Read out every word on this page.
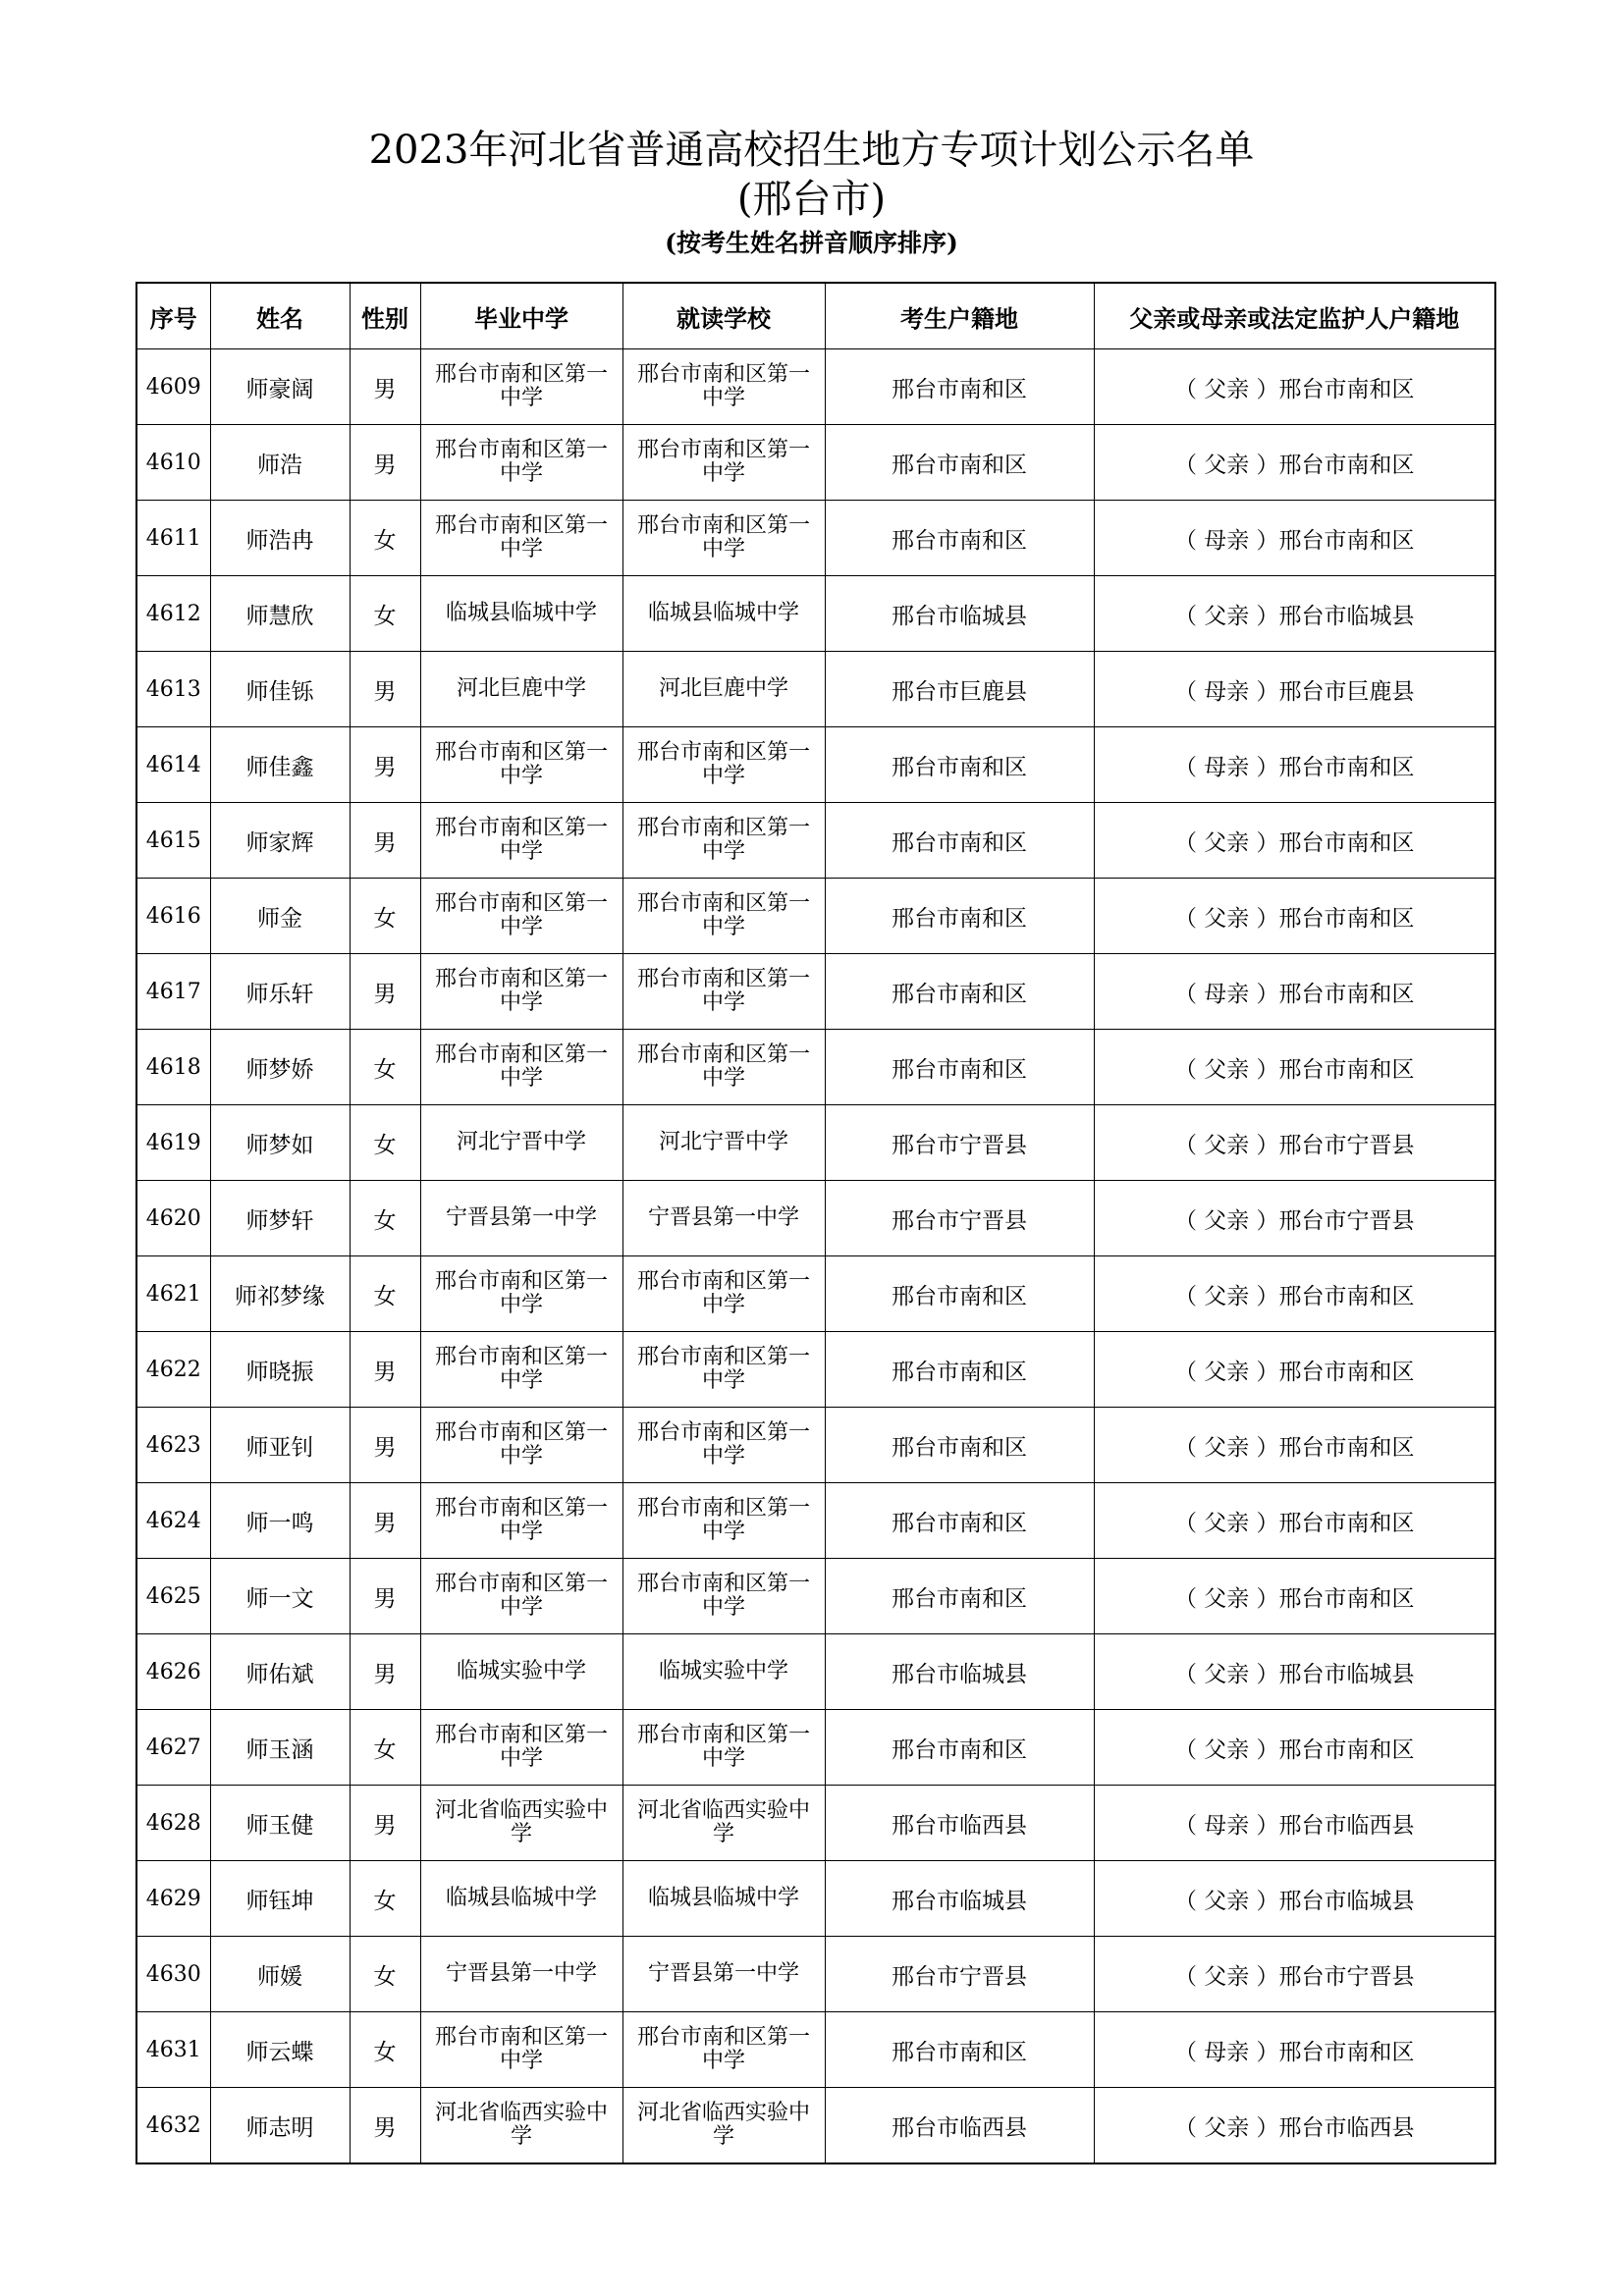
2023年河北省普通高校招生地方专项计划公示名单
(邢台市)
(按考生姓名拼音顺序排序)
序号	姓名	性别	毕业中学	就读学校	考生户籍地	父亲或母亲或法定监护人户籍地
4609	师豪阔	男	邢台市南和区第一中学	邢台市南和区第一中学	邢台市南和区	（ 父亲 ）邢台市南和区
4610	师浩	男	邢台市南和区第一中学	邢台市南和区第一中学	邢台市南和区	（ 父亲 ）邢台市南和区
4611	师浩冉	女	邢台市南和区第一中学	邢台市南和区第一中学	邢台市南和区	（ 母亲 ）邢台市南和区
4612	师慧欣	女	临城县临城中学	临城县临城中学	邢台市临城县	（ 父亲 ）邢台市临城县
4613	师佳铄	男	河北巨鹿中学	河北巨鹿中学	邢台市巨鹿县	（ 母亲 ）邢台市巨鹿县
4614	师佳鑫	男	邢台市南和区第一中学	邢台市南和区第一中学	邢台市南和区	（ 母亲 ）邢台市南和区
4615	师家辉	男	邢台市南和区第一中学	邢台市南和区第一中学	邢台市南和区	（ 父亲 ）邢台市南和区
4616	师金	女	邢台市南和区第一中学	邢台市南和区第一中学	邢台市南和区	（ 父亲 ）邢台市南和区
4617	师乐轩	男	邢台市南和区第一中学	邢台市南和区第一中学	邢台市南和区	（ 母亲 ）邢台市南和区
4618	师梦娇	女	邢台市南和区第一中学	邢台市南和区第一中学	邢台市南和区	（ 父亲 ）邢台市南和区
4619	师梦如	女	河北宁晋中学	河北宁晋中学	邢台市宁晋县	（ 父亲 ）邢台市宁晋县
4620	师梦轩	女	宁晋县第一中学	宁晋县第一中学	邢台市宁晋县	（ 父亲 ）邢台市宁晋县
4621	师祁梦缘	女	邢台市南和区第一中学	邢台市南和区第一中学	邢台市南和区	（ 父亲 ）邢台市南和区
4622	师晓振	男	邢台市南和区第一中学	邢台市南和区第一中学	邢台市南和区	（ 父亲 ）邢台市南和区
4623	师亚钊	男	邢台市南和区第一中学	邢台市南和区第一中学	邢台市南和区	（ 父亲 ）邢台市南和区
4624	师一鸣	男	邢台市南和区第一中学	邢台市南和区第一中学	邢台市南和区	（ 父亲 ）邢台市南和区
4625	师一文	男	邢台市南和区第一中学	邢台市南和区第一中学	邢台市南和区	（ 父亲 ）邢台市南和区
4626	师佑斌	男	临城实验中学	临城实验中学	邢台市临城县	（ 父亲 ）邢台市临城县
4627	师玉涵	女	邢台市南和区第一中学	邢台市南和区第一中学	邢台市南和区	（ 父亲 ）邢台市南和区
4628	师玉健	男	河北省临西实验中学	河北省临西实验中学	邢台市临西县	（ 母亲 ）邢台市临西县
4629	师钰坤	女	临城县临城中学	临城县临城中学	邢台市临城县	（ 父亲 ）邢台市临城县
4630	师媛	女	宁晋县第一中学	宁晋县第一中学	邢台市宁晋县	（ 父亲 ）邢台市宁晋县
4631	师云蝶	女	邢台市南和区第一中学	邢台市南和区第一中学	邢台市南和区	（ 母亲 ）邢台市南和区
4632	师志明	男	河北省临西实验中学	河北省临西实验中学	邢台市临西县	（ 父亲 ）邢台市临西县
